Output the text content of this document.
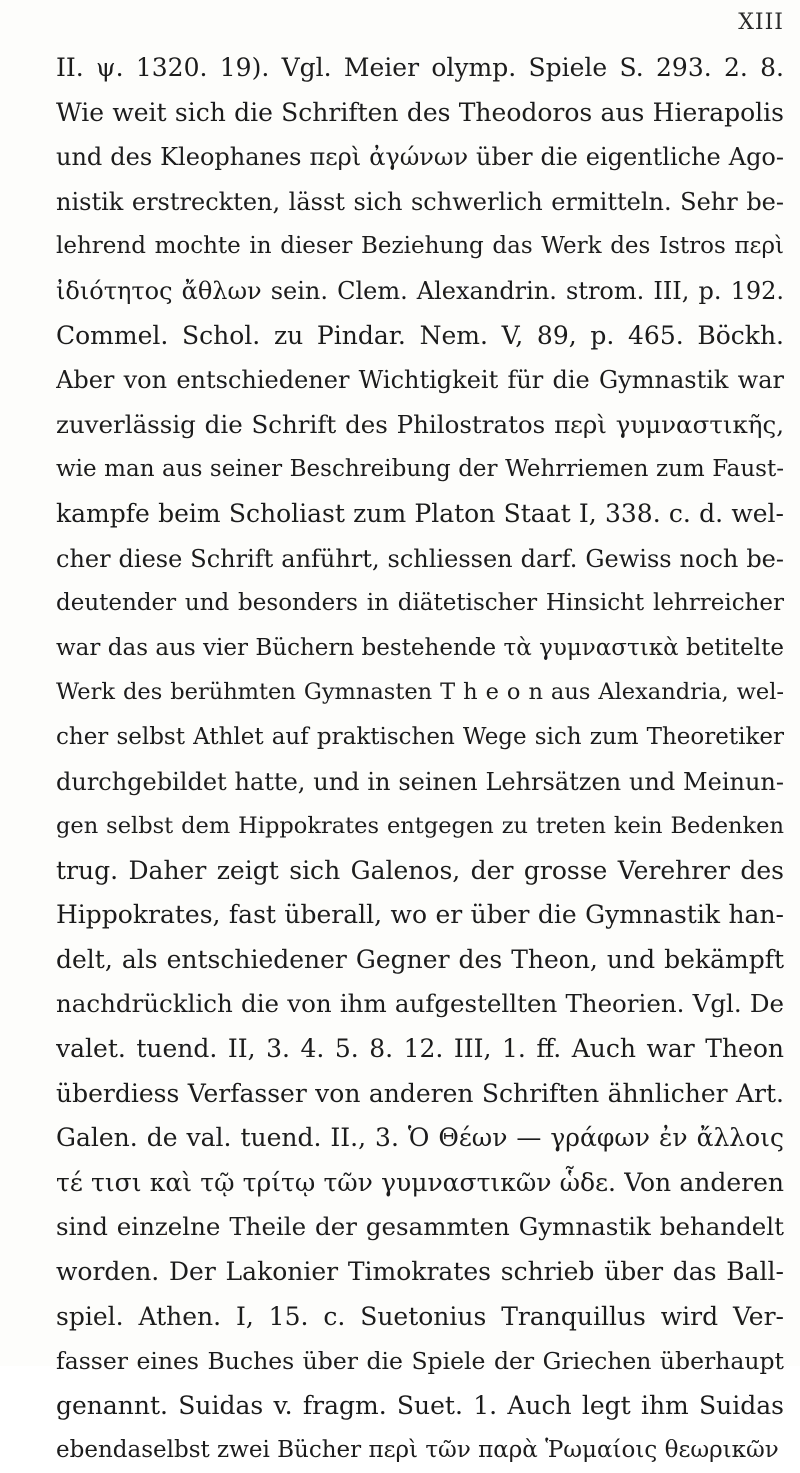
XIII
II. ψ. 1320. 19). Vgl. Meier olymp. Spiele S. 293. 2. 8.
Wie weit sich die Schriften des Theodoros aus Hierapolis
und des Kleophanes περὶ ἀγώνων über die eigentliche Ago-
nistik erstreckten, lässt sich schwerlich ermitteln. Sehr be-
lehrend mochte in dieser Beziehung das Werk des Istros περὶ
ἰδιότητος ἄθλων sein. Clem. Alexandrin. strom. III, p. 192.
Commel. Schol. zu Pindar. Nem. V, 89, p. 465. Böckh.
Aber von entschiedener Wichtigkeit für die Gymnastik war
zuverlässig die Schrift des Philostratos περὶ γυμναστικῆς,
wie man aus seiner Beschreibung der Wehrriemen zum Faust-
kampfe beim Scholiast zum Platon Staat I, 338. c. d. wel-
cher diese Schrift anführt, schliessen darf. Gewiss noch be-
deutender und besonders in diätetischer Hinsicht lehrreicher
war das aus vier Büchern bestehende τὰ γυμναστικὰ betitelte
Werk des berühmten Gymnasten T h e o n aus Alexandria, wel-
cher selbst Athlet auf praktischen Wege sich zum Theoretiker
durchgebildet hatte, und in seinen Lehrsätzen und Meinun-
gen selbst dem Hippokrates entgegen zu treten kein Bedenken
trug. Daher zeigt sich Galenos, der grosse Verehrer des
Hippokrates, fast überall, wo er über die Gymnastik han-
delt, als entschiedener Gegner des Theon, und bekämpft
nachdrücklich die von ihm aufgestellten Theorien. Vgl. De
valet. tuend. II, 3. 4. 5. 8. 12. III, 1. ff. Auch war Theon
überdiess Verfasser von anderen Schriften ähnlicher Art.
Galen. de val. tuend. II., 3. Ὁ Θέων — γράφων ἐν ἄλλοις
τέ τισι καὶ τῷ τρίτῳ τῶν γυμναστικῶν ὧδε. Von anderen
sind einzelne Theile der gesammten Gymnastik behandelt
worden. Der Lakonier Timokrates schrieb über das Ball-
spiel. Athen. I, 15. c. Suetonius Tranquillus wird Ver-
fasser eines Buches über die Spiele der Griechen überhaupt
genannt. Suidas v. fragm. Suet. 1. Auch legt ihm Suidas
ebendaselbst zwei Bücher περὶ τῶν παρὰ Ῥωμαίοις θεωρικῶν
